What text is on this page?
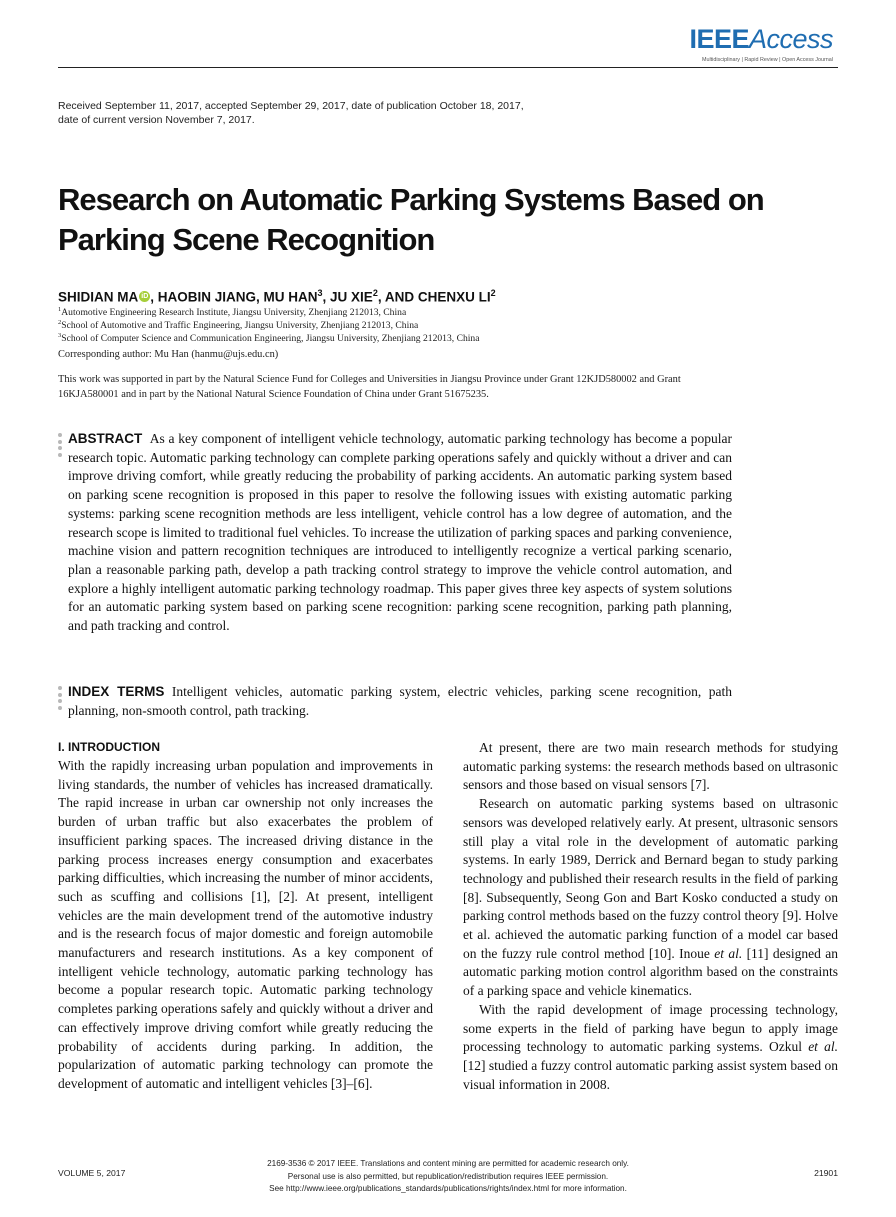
IEEEAccess
Multidisciplinary | Rapid Review | Open Access Journal
Received September 11, 2017, accepted September 29, 2017, date of publication October 18, 2017,
date of current version November 7, 2017.
Research on Automatic Parking Systems Based on Parking Scene Recognition
SHIDIAN MA iD , HAOBIN JIANG, MU HAN$^3$, JU XIE$^2$, AND CHENXU $LI^2$
$^1$Automotive Engineering Research Institute, Jiangsu University, Zhenjiang 212013, China
$^2$School of Automotive and Traffic Engineering, Jiangsu University, Zhenjiang 212013, China
$^3$School of Computer Science and Communication Engineering, Jiangsu University, Zhenjiang 212013, China
Corresponding author: Mu Han (hanmu@ujs.edu.cn)
This work was supported in part by the Natural Science Fund for Colleges and Universities in Jiangsu Province under Grant 12KJD580002 and Grant 16KJA580001 and in part by the National Natural Science Foundation of China under Grant 51675235.
ABSTRACT As a key component of intelligent vehicle technology, automatic parking technology has become a popular research topic. Automatic parking technology can complete parking operations safely and quickly without a driver and can improve driving comfort, while greatly reducing the probability of parking accidents. An automatic parking system based on parking scene recognition is proposed in this paper to resolve the following issues with existing automatic parking systems: parking scene recognition methods are less intelligent, vehicle control has a low degree of automation, and the research scope is limited to traditional fuel vehicles. To increase the utilization of parking spaces and parking convenience, machine vision and pattern recognition techniques are introduced to intelligently recognize a vertical parking scenario, plan a reasonable parking path, develop a path tracking control strategy to improve the vehicle control automation, and explore a highly intelligent automatic parking technology roadmap. This paper gives three key aspects of system solutions for an automatic parking system based on parking scene recognition: parking scene recognition, parking path planning, and path tracking and control.
INDEX TERMS Intelligent vehicles, automatic parking system, electric vehicles, parking scene recognition, path planning, non-smooth control, path tracking.
I. INTRODUCTION

With the rapidly increasing urban population and improvements in living standards, the number of vehicles has increased dramatically. The rapid increase in urban car ownership not only increases the burden of urban traffic but also exacerbates the problem of insufficient parking spaces. The increased driving distance in the parking process increases energy consumption and exacerbates parking difficulties, which increasing the number of minor accidents, such as scuffing and collisions [1], [2]. At present, intelligent vehicles are the main development trend of the automotive industry and is the research focus of major domestic and foreign automobile manufacturers and research institutions. As a key component of intelligent vehicle technology, automatic parking technology has become a popular research topic. Automatic parking technology completes parking operations safely and quickly without a driver and can effectively improve driving comfort while greatly reducing the probability of accidents during parking. In addition, the popularization of automatic parking technology can promote the development of automatic and intelligent vehicles [3]–[6].

At present, there are two main research methods for studying automatic parking systems: the research methods based on ultrasonic sensors and those based on visual sensors [7].

Research on automatic parking systems based on ultrasonic sensors was developed relatively early. At present, ultrasonic sensors still play a vital role in the development of automatic parking systems. In early 1989, Derrick and Bernard began to study parking technology and published their research results in the field of parking [8]. Subsequently, Seong Gon and Bart Kosko conducted a study on parking control methods based on the fuzzy control theory [9]. Holve et al. achieved the automatic parking function of a model car based on the fuzzy rule control method [10]. Inoue et al. [11] designed an automatic parking motion control algorithm based on the constraints of a parking space and vehicle kinematics.

With the rapid development of image processing technology, some experts in the field of parking have begun to apply image processing technology to automatic parking systems. Ozkul et al. [12] studied a fuzzy control automatic parking assist system based on visual information in 2008.

VOLUME 5, 2017
2169-3536 © 2017 IEEE. Translations and content mining are permitted for academic research only.
Personal use is also permitted, but republication/redistribution requires IEEE permission.
See http://www.ieee.org/publications_standards/publications/rights/index.html for more information.
21901
